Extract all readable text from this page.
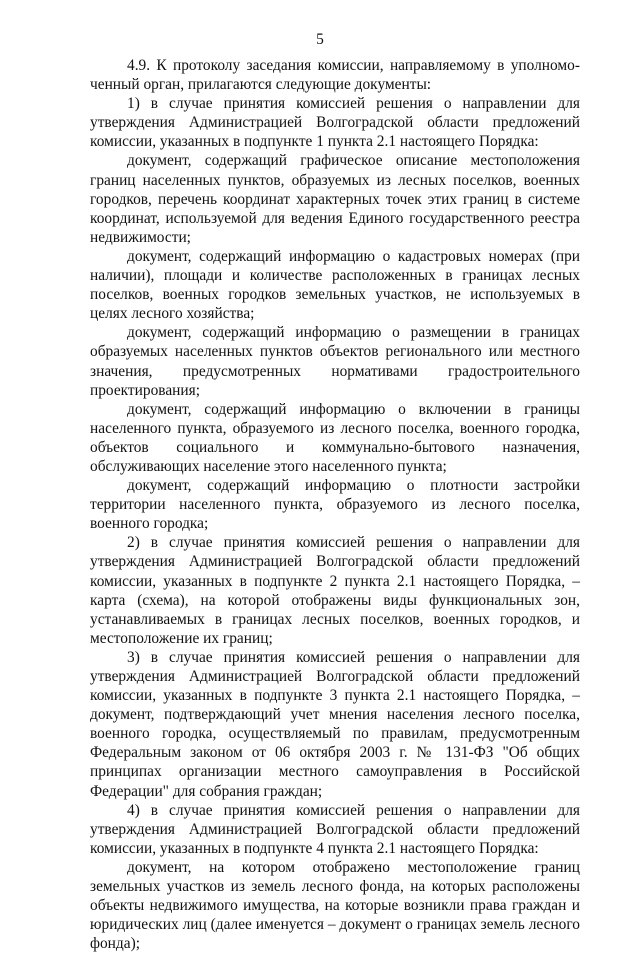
5

4.9. К протоколу заседания комиссии, направляемому в уполномо-ченный орган, прилагаются следующие документы:

1) в случае принятия комиссией решения о направлении для утверждения Администрацией Волгоградской области предложений комиссии, указанных в подпункте 1 пункта 2.1 настоящего Порядка:

документ, содержащий графическое описание местоположения границ населенных пунктов, образуемых из лесных поселков, военных городков, перечень координат характерных точек этих границ в системе координат, используемой для ведения Единого государственного реестра недвижимости;

документ, содержащий информацию о кадастровых номерах (при наличии), площади и количестве расположенных в границах лесных поселков, военных городков земельных участков, не используемых в целях лесного хозяйства;

документ, содержащий информацию о размещении в границах образуемых населенных пунктов объектов регионального или местного значения, предусмотренных нормативами градостроительного проектирования;

документ, содержащий информацию о включении в границы населенного пункта, образуемого из лесного поселка, военного городка, объектов социального и коммунально-бытового назначения, обслуживающих население этого населенного пункта;

документ, содержащий информацию о плотности застройки территории населенного пункта, образуемого из лесного поселка, военного городка;

2) в случае принятия комиссией решения о направлении для утверждения Администрацией Волгоградской области предложений комиссии, указанных в подпункте 2 пункта 2.1 настоящего Порядка, – карта (схема), на которой отображены виды функциональных зон, устанавливаемых в границах лесных поселков, военных городков, и местоположение их границ;

3) в случае принятия комиссией решения о направлении для утверждения Администрацией Волгоградской области предложений комиссии, указанных в подпункте 3 пункта 2.1 настоящего Порядка, – документ, подтверждающий учет мнения населения лесного поселка, военного городка, осуществляемый по правилам, предусмотренным Федеральным законом от 06 октября 2003 г. № 131-ФЗ "Об общих принципах организации местного самоуправления в Российской Федерации" для собрания граждан;

4) в случае принятия комиссией решения о направлении для утверждения Администрацией Волгоградской области предложений комиссии, указанных в подпункте 4 пункта 2.1 настоящего Порядка:

документ, на котором отображено местоположение границ земельных участков из земель лесного фонда, на которых расположены объекты недвижимого имущества, на которые возникли права граждан и юридических лиц (далее именуется – документ о границах земель лесного фонда);
